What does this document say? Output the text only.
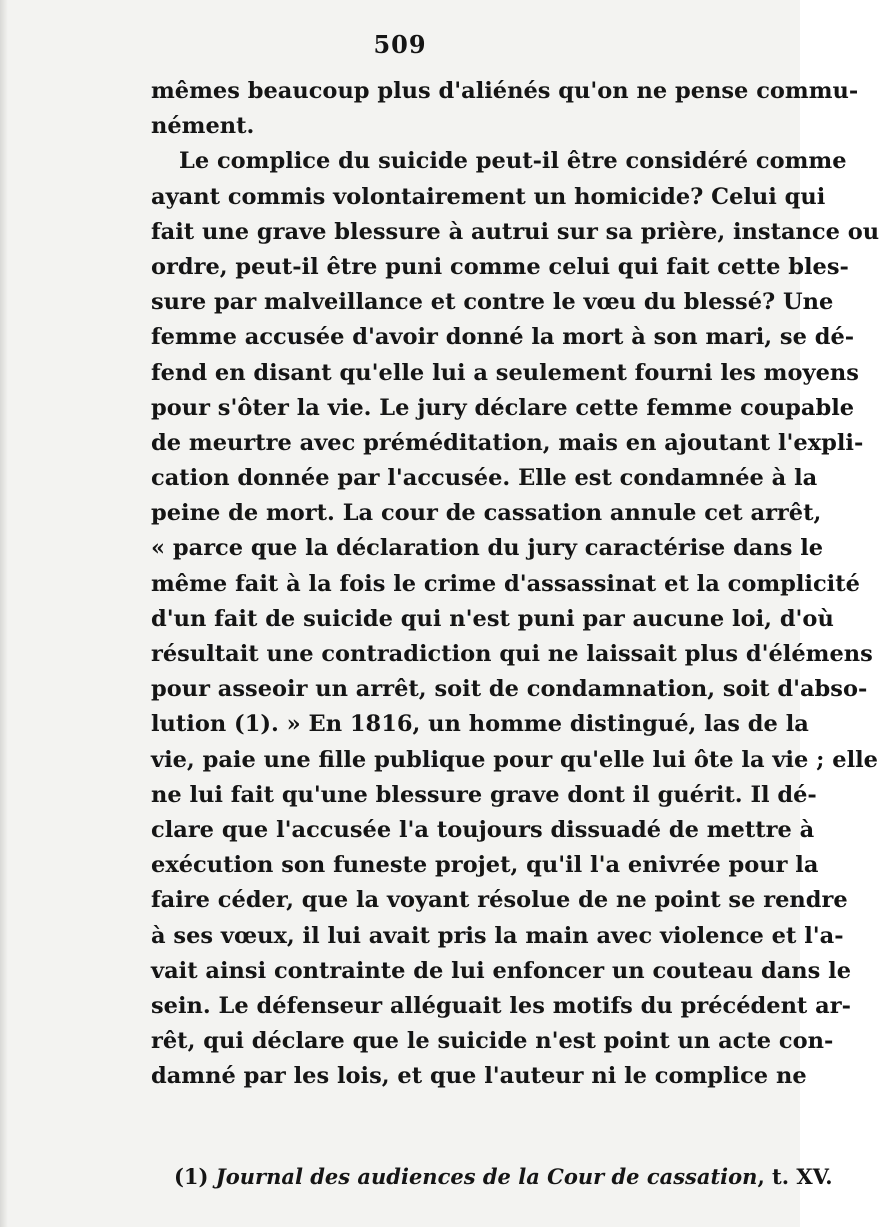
509
mêmes beaucoup plus d'aliénés qu'on ne pense commu-
nément.
Le complice du suicide peut-il être considéré comme
ayant commis volontairement un homicide? Celui qui
fait une grave blessure à autrui sur sa prière, instance ou
ordre, peut-il être puni comme celui qui fait cette bles-
sure par malveillance et contre le vœu du blessé? Une
femme accusée d'avoir donné la mort à son mari, se dé-
fend en disant qu'elle lui a seulement fourni les moyens
pour s'ôter la vie. Le jury déclare cette femme coupable
de meurtre avec préméditation, mais en ajoutant l'expli-
cation donnée par l'accusée. Elle est condamnée à la
peine de mort. La cour de cassation annule cet arrêt,
« parce que la déclaration du jury caractérise dans le
même fait à la fois le crime d'assassinat et la complicité
d'un fait de suicide qui n'est puni par aucune loi, d'où
résultait une contradiction qui ne laissait plus d'élémens
pour asseoir un arrêt, soit de condamnation, soit d'abso-
lution (1). » En 1816, un homme distingué, las de la
vie, paie une fille publique pour qu'elle lui ôte la vie ; elle
ne lui fait qu'une blessure grave dont il guérit. Il dé-
clare que l'accusée l'a toujours dissuadé de mettre à
exécution son funeste projet, qu'il l'a enivrée pour la
faire céder, que la voyant résolue de ne point se rendre
à ses vœux, il lui avait pris la main avec violence et l'a-
vait ainsi contrainte de lui enfoncer un couteau dans le
sein. Le défenseur alléguait les motifs du précédent ar-
rêt, qui déclare que le suicide n'est point un acte con-
damné par les lois, et que l'auteur ni le complice ne
(1) Journal des audiences de la Cour de cassation, t. XV.
